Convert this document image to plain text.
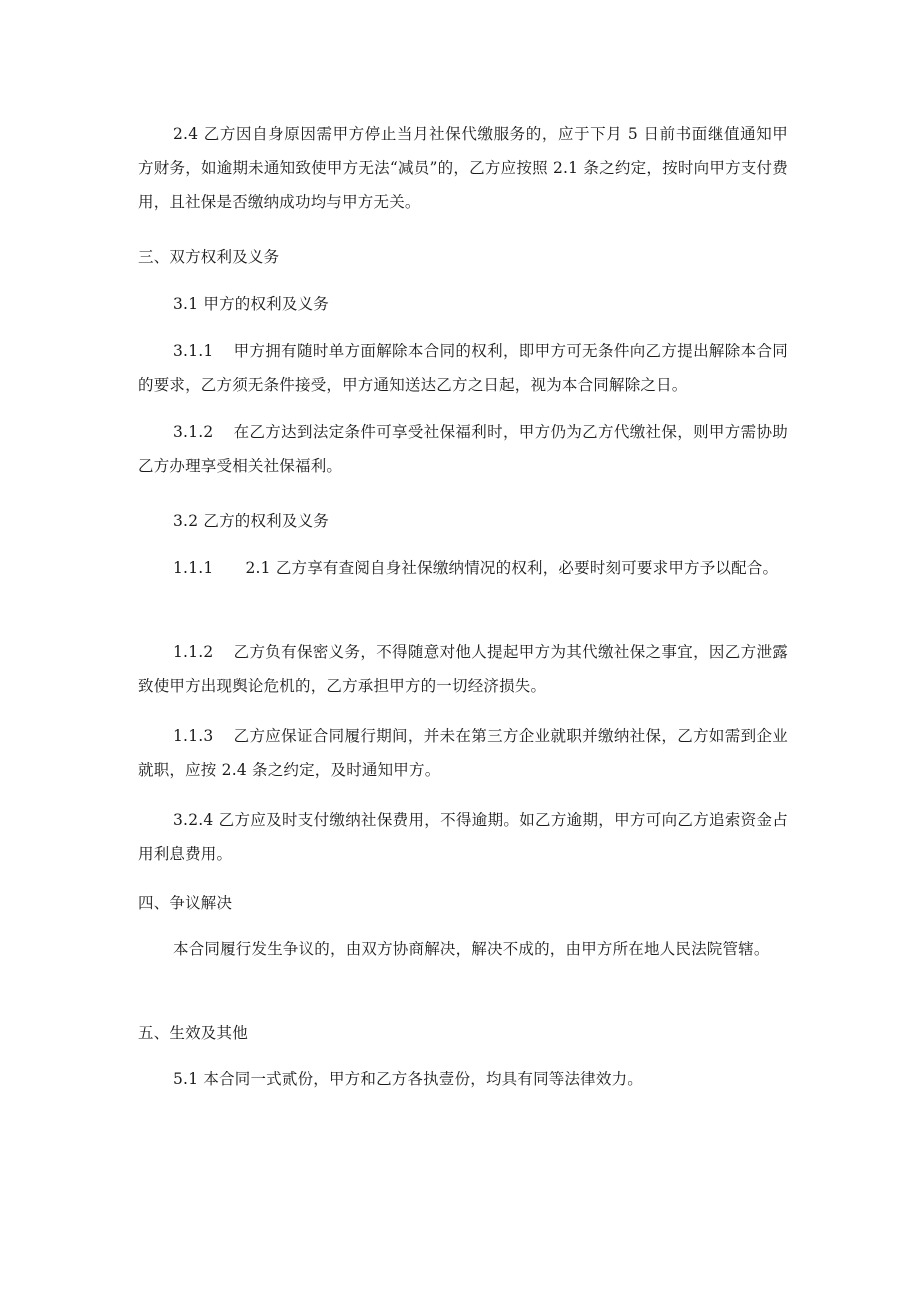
2.4 乙方因自身原因需甲方停止当月社保代缴服务的，应于下月 5 日前书面继值通知甲方财务，如逾期未通知致使甲方无法“减员”的，乙方应按照 2.1 条之约定，按时向甲方支付费用，且社保是否缴纳成功均与甲方无关。
三、双方权利及义务
3.1 甲方的权利及义务
3.1.1 甲方拥有随时单方面解除本合同的权利，即甲方可无条件向乙方提出解除本合同的要求，乙方须无条件接受，甲方通知送达乙方之日起，视为本合同解除之日。
3.1.2 在乙方达到法定条件可享受社保福利时，甲方仍为乙方代缴社保，则甲方需协助乙方办理享受相关社保福利。
3.2 乙方的权利及义务
1.1.1 2.1 乙方享有查阅自身社保缴纳情况的权利，必要时刻可要求甲方予以配合。
1.1.2 乙方负有保密义务，不得随意对他人提起甲方为其代缴社保之事宜，因乙方泄露致使甲方出现舆论危机的，乙方承担甲方的一切经济损失。
1.1.3 乙方应保证合同履行期间，并未在第三方企业就职并缴纳社保，乙方如需到企业就职，应按 2.4 条之约定，及时通知甲方。
3.2.4 乙方应及时支付缴纳社保费用，不得逾期。如乙方逾期，甲方可向乙方追索资金占用利息费用。
四、争议解决
本合同履行发生争议的，由双方协商解决，解决不成的，由甲方所在地人民法院管辖。
五、生效及其他
5.1 本合同一式贰份，甲方和乙方各执壹份，均具有同等法律效力。
